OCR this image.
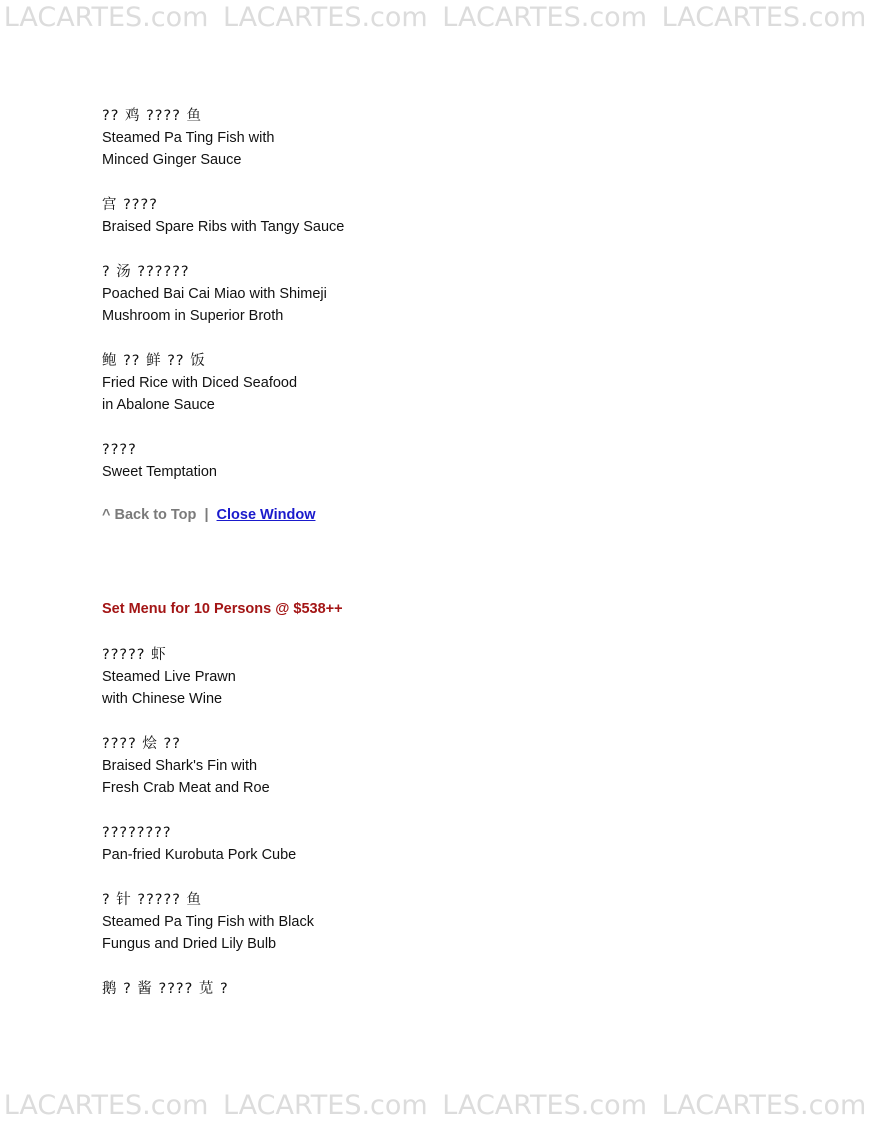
LACARTES.com LACARTES.com LACARTES.com LACARTES.com
?? 鸡 ???? 鱼
Steamed Pa Ting Fish with
Minced Ginger Sauce
宫 ????
Braised Spare Ribs with Tangy Sauce
? 汤 ??????
Poached Bai Cai Miao with Shimeji
Mushroom in Superior Broth
鲍 ?? 鲜 ?? 饭
Fried Rice with Diced Seafood
in Abalone Sauce
????
Sweet Temptation
^ Back to Top | Close Window
Set Menu for 10 Persons @ $538++
????? 虾
Steamed Live Prawn
with Chinese Wine
???? 烩 ??
Braised Shark's Fin with
Fresh Crab Meat and Roe
????????
Pan-fried Kurobuta Pork Cube
? 针 ????? 鱼
Steamed Pa Ting Fish with Black
Fungus and Dried Lily Bulb
鹅 ? 酱 ???? 苋 ?
LACARTES.com LACARTES.com LACARTES.com LACARTES.com
